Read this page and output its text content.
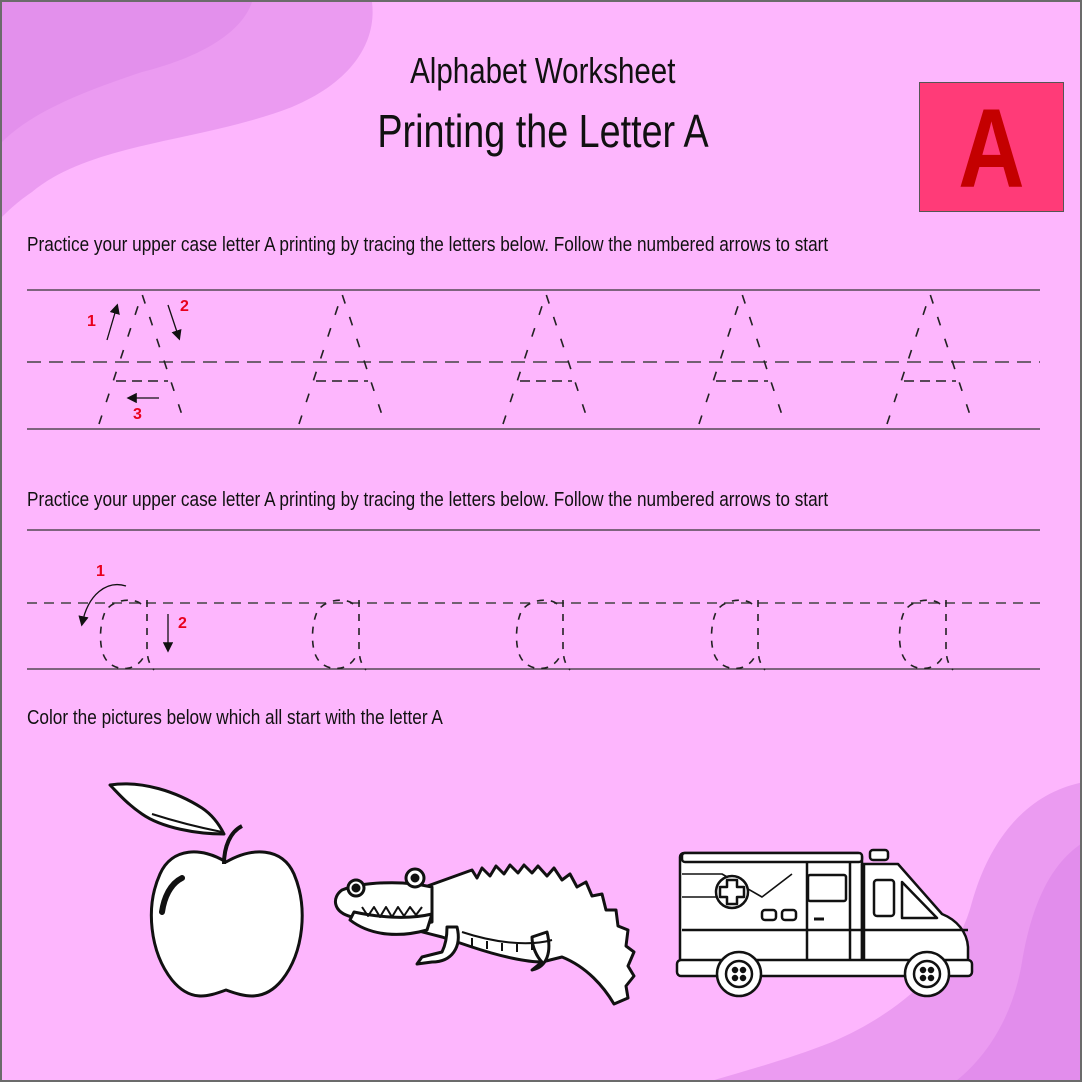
Alphabet Worksheet
Printing the Letter A	A
Practice your upper case letter A printing by tracing the letters below. Follow the numbered arrows to start
Practice your upper case letter A printing by tracing the letters below. Follow the numbered arrows to start
Color the pictures below which all start with the letter A
1
2
3
1
2
